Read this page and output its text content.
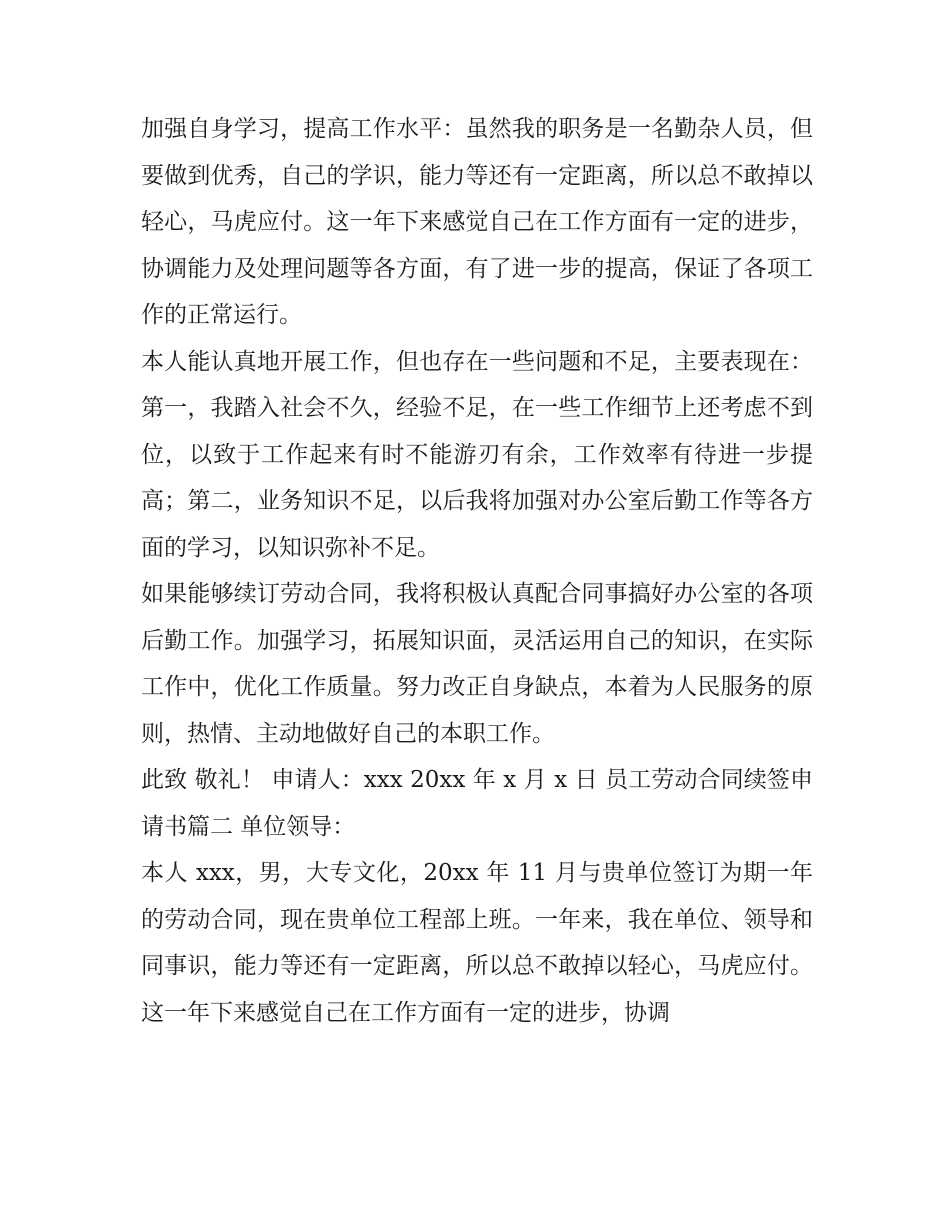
加强自身学习，提高工作水平：虽然我的职务是一名勤杂人员，但要做到优秀，自己的学识，能力等还有一定距离，所以总不敢掉以轻心，马虎应付。这一年下来感觉自己在工作方面有一定的进步，协调能力及处理问题等各方面，有了进一步的提高，保证了各项工作的正常运行。

本人能认真地开展工作，但也存在一些问题和不足，主要表现在：第一，我踏入社会不久，经验不足，在一些工作细节上还考虑不到位，以致于工作起来有时不能游刃有余，工作效率有待进一步提高；第二，业务知识不足，以后我将加强对办公室后勤工作等各方面的学习，以知识弥补不足。

如果能够续订劳动合同，我将积极认真配合同事搞好办公室的各项后勤工作。加强学习，拓展知识面，灵活运用自己的知识，在实际工作中，优化工作质量。努力改正自身缺点，本着为人民服务的原则，热情、主动地做好自己的本职工作。

此致 敬礼！ 申请人：xxx 20xx 年 x 月 x 日 员工劳动合同续签申请书篇二 单位领导：

本人 xxx，男，大专文化，20xx 年 11 月与贵单位签订为期一年的劳动合同，现在贵单位工程部上班。一年来，我在单位、领导和同事识，能力等还有一定距离，所以总不敢掉以轻心，马虎应付。这一年下来感觉自己在工作方面有一定的进步，协调
